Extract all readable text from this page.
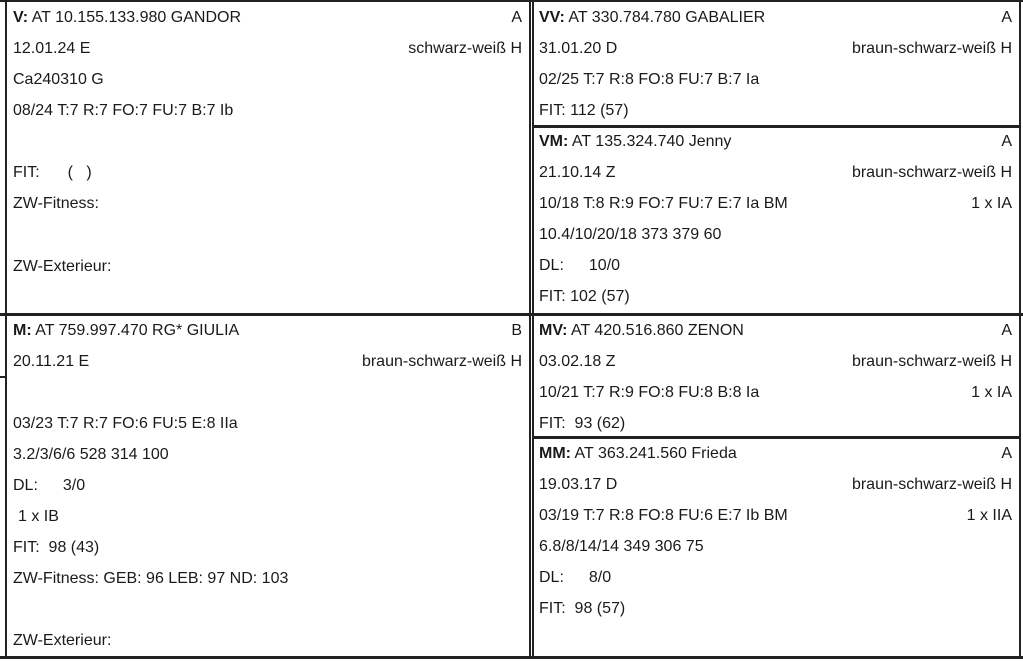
V: AT 10.155.133.980 GANDOR	A
12.01.24 E	schwarz-weiß H
Ca240310 G
08/24 T:7 R:7 FO:7 FU:7 B:7 Ib
FIT: (   )
ZW-Fitness:
ZW-Exterieur:
VV: AT 330.784.780 GABALIER	A
31.01.20 D	braun-schwarz-weiß H
02/25 T:7 R:8 FO:8 FU:7 B:7 Ia
FIT: 112 (57)
VM: AT 135.324.740 Jenny	A
21.10.14 Z	braun-schwarz-weiß H
10/18 T:8 R:9 FO:7 FU:7 E:7 Ia BM	1 x IA
10.4/10/20/18 373 379 60
DL: 10/0
FIT: 102 (57)
M: AT 759.997.470 RG* GIULIA	B
20.11.21 E	braun-schwarz-weiß H
03/23 T:7 R:7 FO:6 FU:5 E:8 IIa
3.2/3/6/6 528 314 100
DL: 3/0
1 x IB
FIT:  98 (43)
ZW-Fitness: GEB: 96 LEB: 97 ND: 103
ZW-Exterieur:
MV: AT 420.516.860 ZENON	A
03.02.18 Z	braun-schwarz-weiß H
10/21 T:7 R:9 FO:8 FU:8 B:8 Ia	1 x IA
FIT:  93 (62)
MM: AT 363.241.560 Frieda	A
19.03.17 D	braun-schwarz-weiß H
03/19 T:7 R:8 FO:8 FU:6 E:7 Ib BM	1 x IIA
6.8/8/14/14 349 306 75
DL: 8/0
FIT:  98 (57)
